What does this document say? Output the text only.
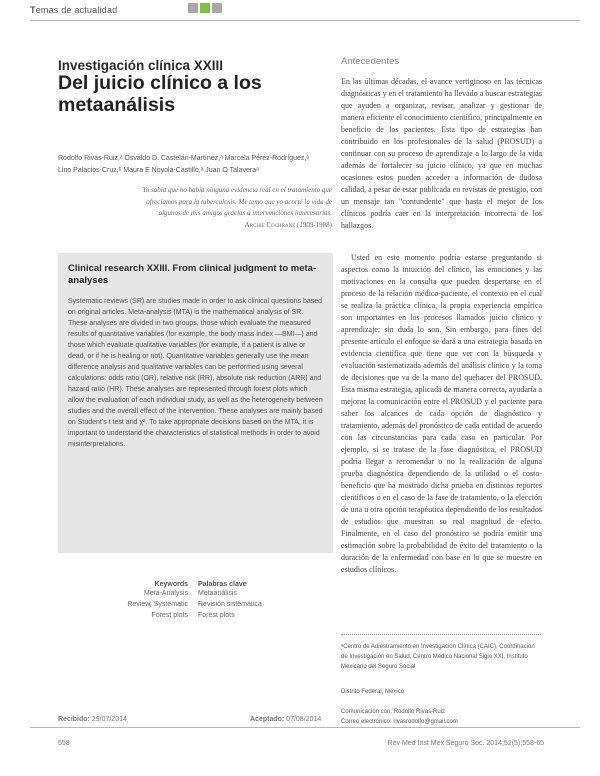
Temas de actualidad
Investigación clínica XXIII
Del juicio clínico a los metaanálisis
Rodolfo Rivas-Ruiz,ᵃ Osvaldo D. Castelán-Martínez,ᵃ Marcela Pérez-Rodríguez,ᵃ
Lino Palacios-Cruz,ᵇ Maura E Noyola-Castillo,ᵃ Juan O Talaveraᵃ
Yo sabía que no había ninguna evidencia real en el tratamiento que ofrecíamos para la tuberculosis. Me temo que yo acorté la vida de algunos de mis amigos gracias a intervenciones innecesarias.
Archie Cochrane (1909-1988)
Clinical research XXIII. From clinical judgment to meta-analyses
Systematic reviews (SR) are studies made in order to ask clinical questions based on original articles. Meta-analysis (MTA) is the mathematical analysis of SR. These analyses are divided in two groups, those which evaluate the measured results of quantitative variables (for example, the body mass index —BMI—) and those which evaluate qualitative variables (for example, if a patient is alive or dead, or if he is healing or not). Quantitative variables generally use the mean difference analysis and qualitative variables can be performed using several calculations: odds ratio (OR), relative risk (RR), absolute risk reduction (ARR) and hazard ratio (HR). These analyses are represented through forest plots which allow the evaluation of each individual study, as well as the heterogeneity between studies and the overall effect of the intervention. These analyses are mainly based on Student's t test and χ². To take appropriate decisions based on the MTA, it is important to understand the characteristics of statistical methods in order to avoid misinterpretations.
Keywords
Meta-Analysis
Review, Systematic
Forest plots
Palabras clave
Metaanálisis
Revisión sistemática
Forest plots
Recibido: 29/07/2014	Aceptado: 07/08/2014
Antecedentes
En las últimas décadas, el avance vertiginoso en las técnicas diagnósticas y en el tratamiento ha llevado a buscar estrategias que ayuden a organizar, revisar, analizar y gestionar de manera eficiente el conocimiento científico, principalmente en beneficio de los pacientes. Esta tipo de estrategias han contribuido en los profesionales de la salud (PROSUD) a continuar con su proceso de aprendizaje a lo largo de la vida además de fortalecer su juicio clínico, ya que en muchas ocasiones estos pueden acceder a información de dudosa calidad, a pesar de estar publicada en revistas de prestigio, con un mensaje tan "contundente" que hasta el mejor de los clínicos podría caer en la interpretación incorrecta de los hallazgos.
Usted en este momento podría estarse preguntando si aspectos como la intuición del clínico, las emociones y las motivaciones en la consulta que pueden despertarse en el proceso de la relación médico-paciente, el contexto en el cual se realiza la práctica clínica, la propia experiencia empírica son importantes en los procesos llamados juicio clínico y aprendizaje; sin duda lo son. Sin embargo, para fines del presente artículo el enfoque se dará a una estrategia basada en evidencia científica que tiene que ver con la búsqueda y evaluación sistematizada además del análisis clínico y la toma de decisiones que va de la mano del quehacer del PROSUD. Esta misma estrategia, aplicada de manera correcta, ayudaría a mejorar la comunicación entre el PROSUD y el paciente para saber los alcances de cada opción de diagnóstico y tratamiento, además del pronóstico de cada entidad de acuerdo con las circunstancias para cada caso en particular. Por ejemplo, si se tratase de la fase diagnóstica, el PROSUD podría llegar a recomendar o no la realización de alguna prueba diagnóstica dependiendo de la utilidad o el costo-beneficio que ha mostrado dicha prueba en distintos reportes científicos o en el caso de la fase de tratamiento, o la elección de una u otra opción terapéutica dependiendo de los resultados de estudios que muestran su real magnitud de efecto. Finalmente, en el caso del pronóstico se podría emitir una estimación sobre la probabilidad de éxito del tratamiento o la duración de la enfermedad con base en lo que se muestre en estudios clínicos.
ᵃCentro de Adiestramiento en Investigación Clínica (CAIC), Coordinación de Investigación en Salud, Centro Médico Nacional Siglo XXI, Instituto Mexicano del Seguro Social
Distrito Federal, México
Comunicación con: Rodolfo Rivas-Ruiz
Correo electrónico: rivasrodolfo@gmail.com
558	Rev Med Inst Mex Seguro Soc. 2014;52(5):558-65
